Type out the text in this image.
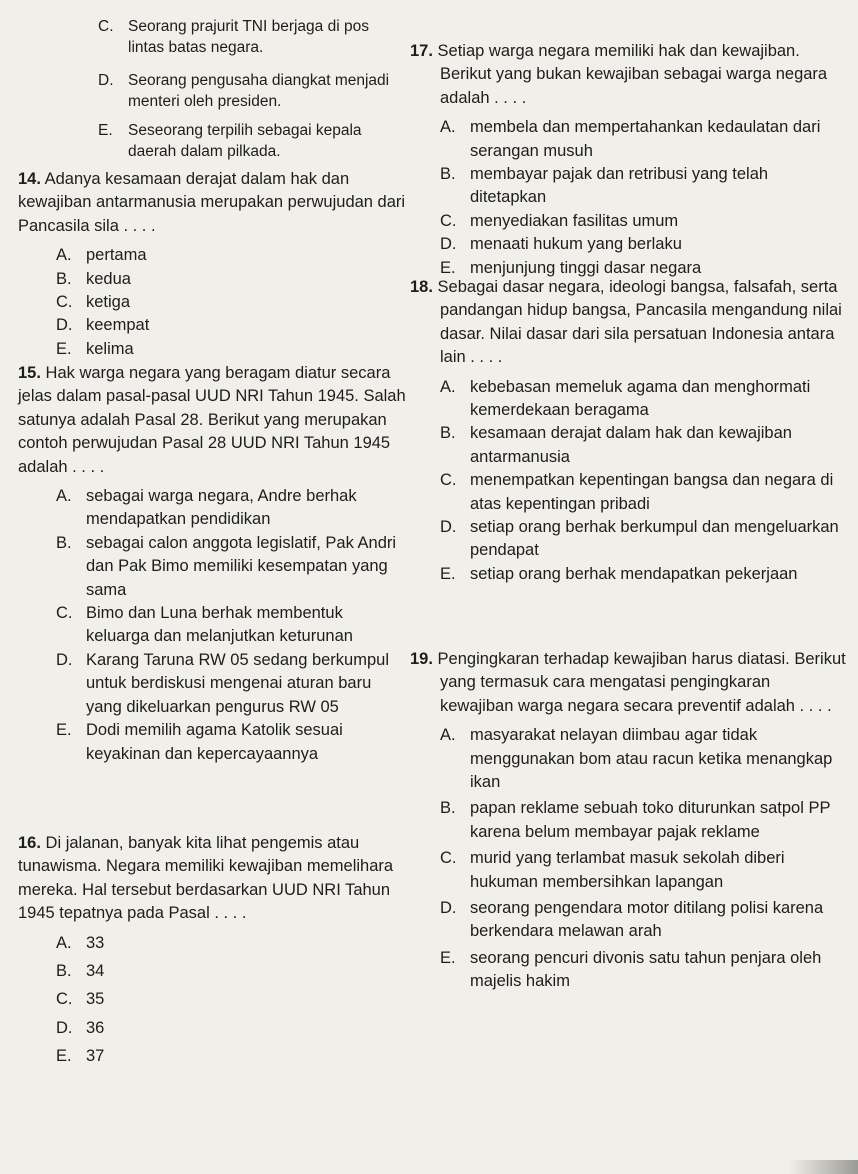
C. Seorang prajurit TNI berjaga di pos lintas batas negara.
D. Seorang pengusaha diangkat menjadi menteri oleh presiden.
E. Seseorang terpilih sebagai kepala daerah dalam pilkada.
14. Adanya kesamaan derajat dalam hak dan kewajiban antarmanusia merupakan perwujudan dari Pancasila sila . . . .
A. pertama
B. kedua
C. ketiga
D. keempat
E. kelima
15. Hak warga negara yang beragam diatur secara jelas dalam pasal-pasal UUD NRI Tahun 1945. Salah satunya adalah Pasal 28. Berikut yang merupakan contoh perwujudan Pasal 28 UUD NRI Tahun 1945 adalah . . . .
A. sebagai warga negara, Andre berhak mendapatkan pendidikan
B. sebagai calon anggota legislatif, Pak Andri dan Pak Bimo memiliki kesempatan yang sama
C. Bimo dan Luna berhak membentuk keluarga dan melanjutkan keturunan
D. Karang Taruna RW 05 sedang berkumpul untuk berdiskusi mengenai aturan baru yang dikeluarkan pengurus RW 05
E. Dodi memilih agama Katolik sesuai keyakinan dan kepercayaannya
16. Di jalanan, banyak kita lihat pengemis atau tunawisma. Negara memiliki kewajiban memelihara mereka. Hal tersebut berdasarkan UUD NRI Tahun 1945 tepatnya pada Pasal . . . .
A. 33
B. 34
C. 35
D. 36
E. 37
17. Setiap warga negara memiliki hak dan kewajiban. Berikut yang bukan kewajiban sebagai warga negara adalah . . . .
A. membela dan mempertahankan kedaulatan dari serangan musuh
B. membayar pajak dan retribusi yang telah ditetapkan
C. menyediakan fasilitas umum
D. menaati hukum yang berlaku
E. menjunjung tinggi dasar negara
18. Sebagai dasar negara, ideologi bangsa, falsafah, serta pandangan hidup bangsa, Pancasila mengandung nilai dasar. Nilai dasar dari sila persatuan Indonesia antara lain . . . .
A. kebebasan memeluk agama dan menghormati kemerdekaan beragama
B. kesamaan derajat dalam hak dan kewajiban antarmanusia
C. menempatkan kepentingan bangsa dan negara di atas kepentingan pribadi
D. setiap orang berhak berkumpul dan mengeluarkan pendapat
E. setiap orang berhak mendapatkan pekerjaan
19. Pengingkaran terhadap kewajiban harus diatasi. Berikut yang termasuk cara mengatasi pengingkaran kewajiban warga negara secara preventif adalah . . . .
A. masyarakat nelayan diimbau agar tidak menggunakan bom atau racun ketika menangkap ikan
B. papan reklame sebuah toko diturunkan satpol PP karena belum membayar pajak reklame
C. murid yang terlambat masuk sekolah diberi hukuman membersihkan lapangan
D. seorang pengendara motor ditilang polisi karena berkendara melawan arah
E. seorang pencuri divonis satu tahun penjara oleh majelis hakim
